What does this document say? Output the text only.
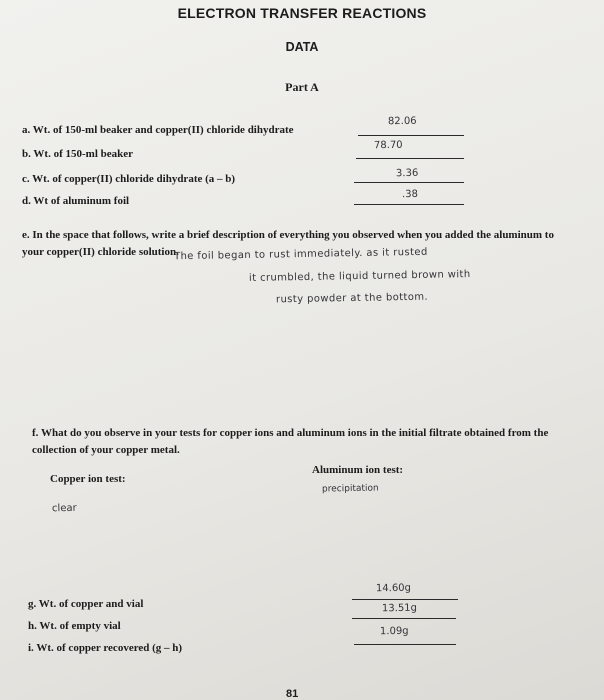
ELECTRON TRANSFER REACTIONS
DATA
Part A
a. Wt. of 150-ml beaker and copper(II) chloride dihydrate
82.06
b. Wt. of 150-ml beaker
78.70
c. Wt. of copper(II) chloride dihydrate (a – b)	3.36
d. Wt of aluminum foil
.38
e. In the space that follows, write a brief description of everything you observed when you added the aluminum to your copper(II) chloride solution.
The foil began to rust immediately. as it rusted
it crumbled, the liquid turned brown with
rusty powder at the bottom.
f. What do you observe in your tests for copper ions and aluminum ions in the initial filtrate obtained from the collection of your copper metal.
Copper ion test:
Aluminum ion test:
clear
precipitation
g. Wt. of copper and vial
14.60g
h. Wt. of empty vial
13.51g
i. Wt. of copper recovered (g – h)
1.09g
81
